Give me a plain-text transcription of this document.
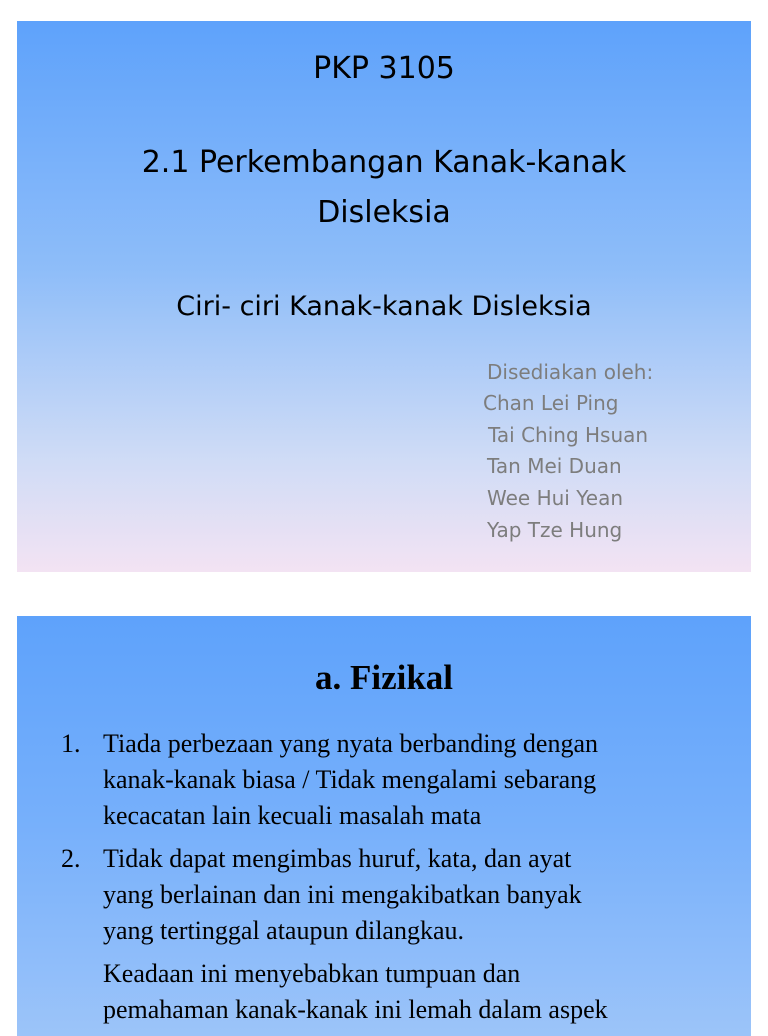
PKP 3105
2.1 Perkembangan Kanak-kanak
Disleksia
Ciri- ciri Kanak-kanak Disleksia
Disediakan oleh:
Chan Lei Ping
Tai Ching Hsuan
Tan Mei Duan
Wee Hui Yean
Yap Tze Hung
a. Fizikal
1. Tiada perbezaan yang nyata berbanding dengan
kanak-kanak biasa / Tidak mengalami sebarang
kecacatan lain kecuali masalah mata
2. Tidak dapat mengimbas huruf, kata, dan ayat
yang berlainan dan ini mengakibatkan banyak
yang tertinggal ataupun dilangkau.
Keadaan ini menyebabkan tumpuan dan
pemahaman kanak-kanak ini lemah dalam aspek
